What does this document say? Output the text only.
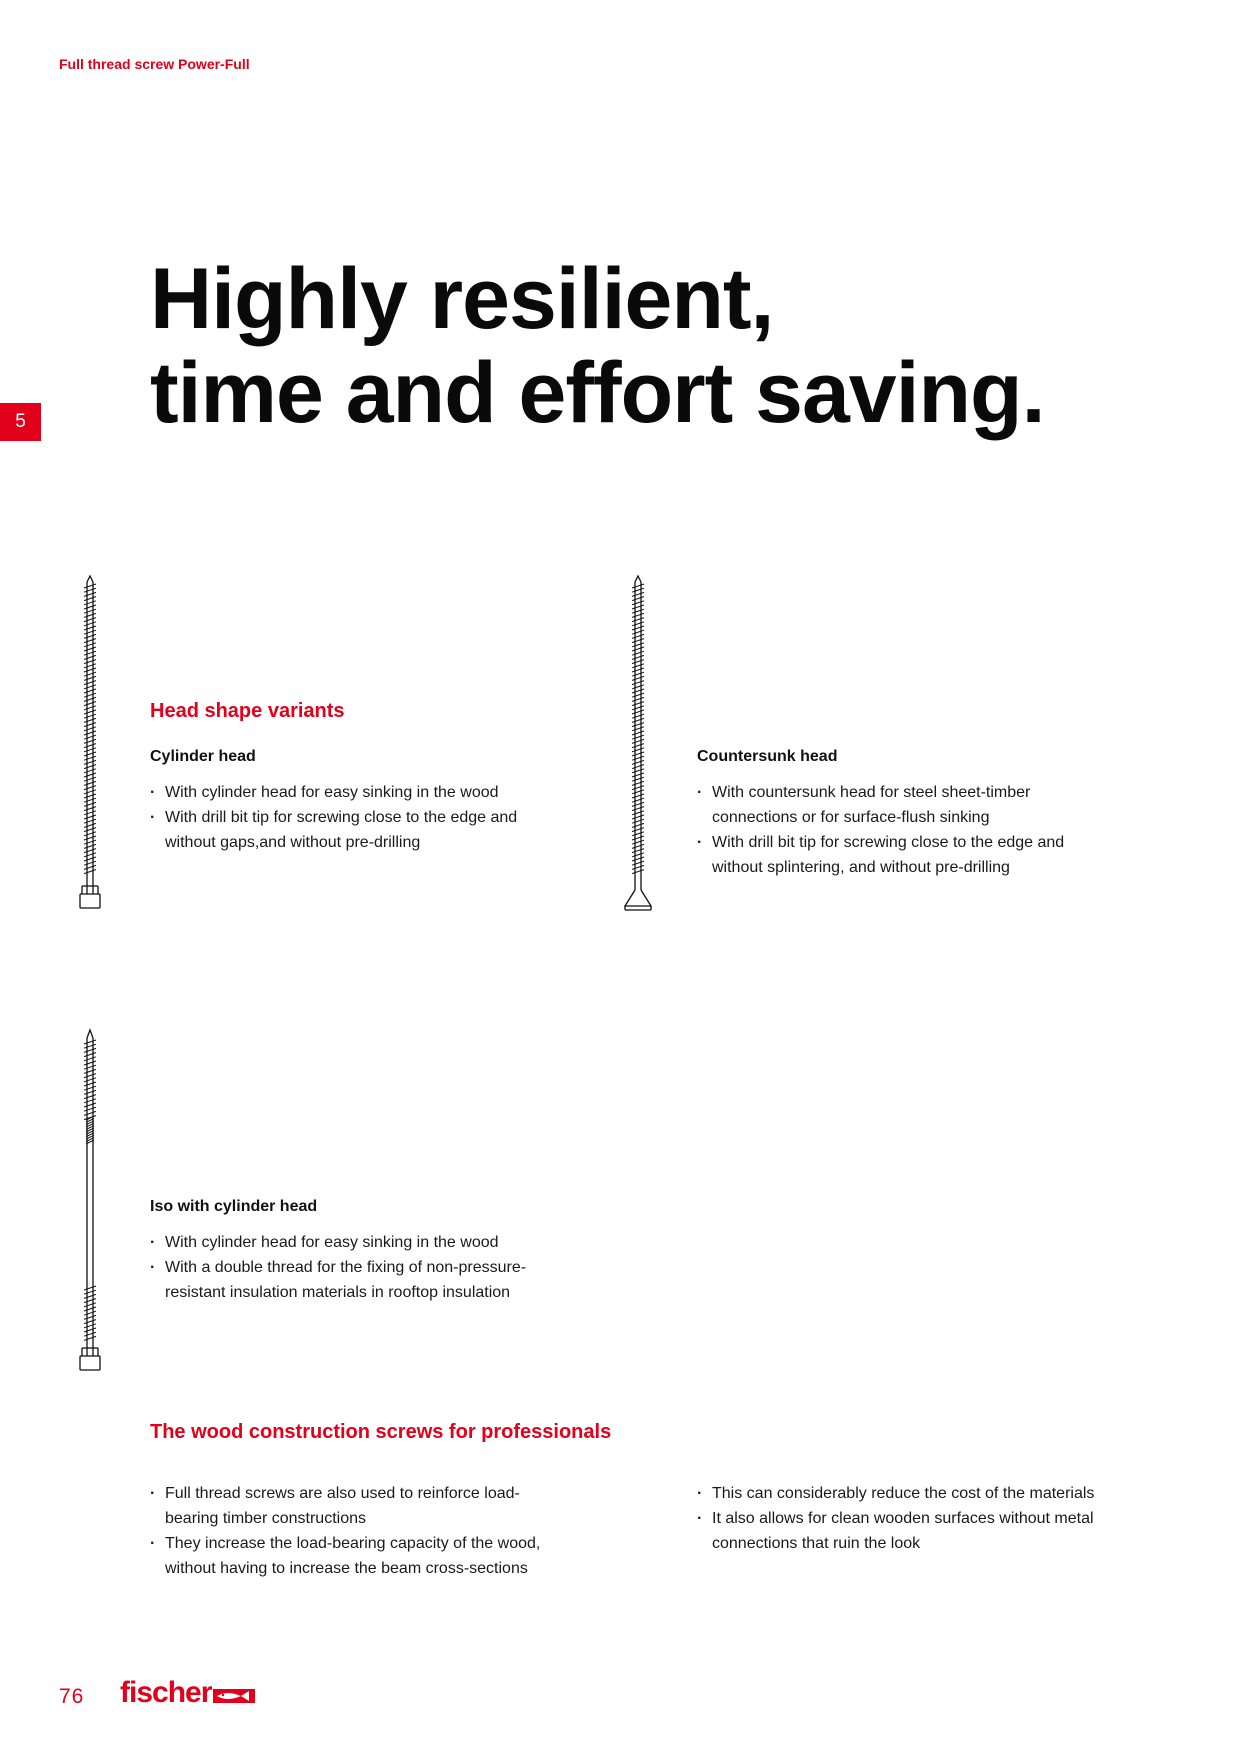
Full thread screw Power-Full
5
Highly resilient,
time and effort saving.
Head shape variants
Cylinder head
· With cylinder head for easy sinking in the wood
· With drill bit tip for screwing close to the edge and without gaps,and without pre-drilling
Countersunk head
· With countersunk head for steel sheet-timber connections or for surface-flush sinking
· With drill bit tip for screwing close to the edge and without splintering, and without pre-drilling
Iso with cylinder head
· With cylinder head for easy sinking in the wood
· With a double thread for the fixing of non-pressure-resistant insulation materials in rooftop insulation
The wood construction screws for professionals
· Full thread screws are also used to reinforce load-bearing timber constructions
· They increase the load-bearing capacity of the wood, without having to increase the beam cross-sections
· This can considerably reduce the cost of the materials
· It also allows for clean wooden surfaces without metal connections that ruin the look
76 fischer
